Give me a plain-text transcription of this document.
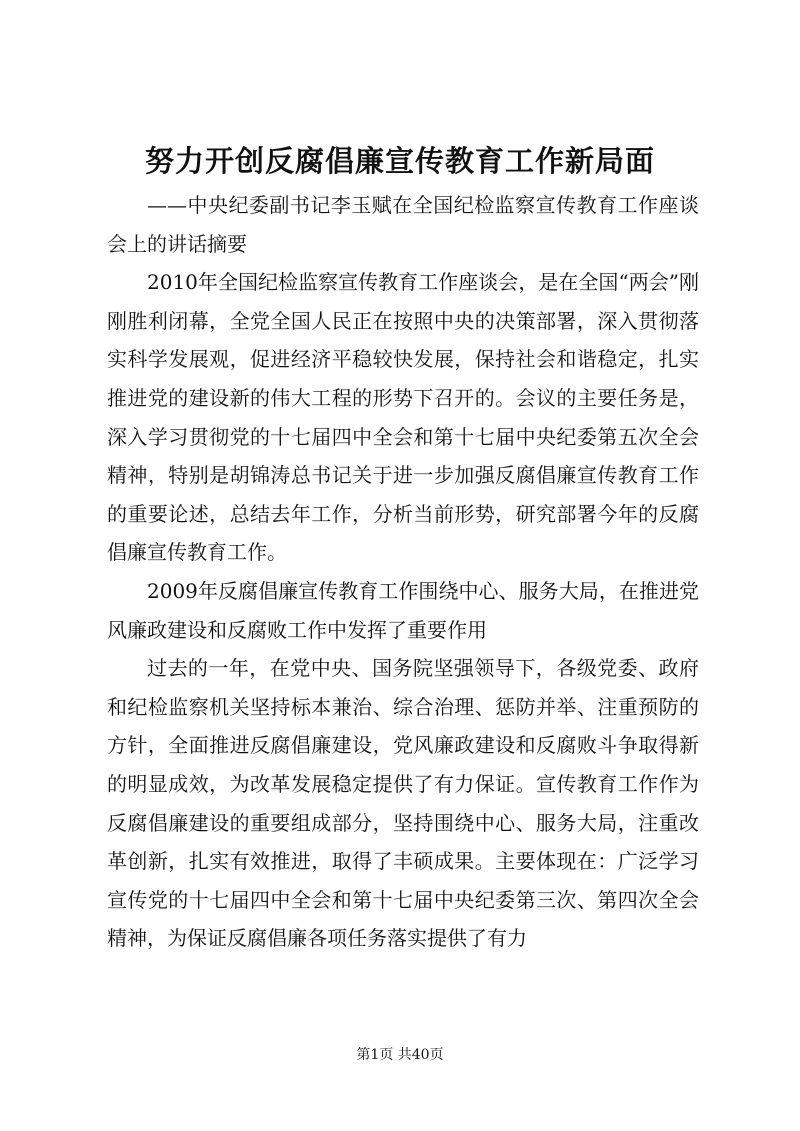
努力开创反腐倡廉宣传教育工作新局面

——中央纪委副书记李玉赋在全国纪检监察宣传教育工作座谈会上的讲话摘要

2010年全国纪检监察宣传教育工作座谈会，是在全国“两会”刚刚胜利闭幕，全党全国人民正在按照中央的决策部署，深入贯彻落实科学发展观，促进经济平稳较快发展，保持社会和谐稳定，扎实推进党的建设新的伟大工程的形势下召开的。会议的主要任务是，深入学习贯彻党的十七届四中全会和第十七届中央纪委第五次全会精神，特别是胡锦涛总书记关于进一步加强反腐倡廉宣传教育工作的重要论述，总结去年工作，分析当前形势，研究部署今年的反腐倡廉宣传教育工作。

2009年反腐倡廉宣传教育工作围绕中心、服务大局，在推进党风廉政建设和反腐败工作中发挥了重要作用

过去的一年，在党中央、国务院坚强领导下，各级党委、政府和纪检监察机关坚持标本兼治、综合治理、惩防并举、注重预防的方针，全面推进反腐倡廉建设，党风廉政建设和反腐败斗争取得新的明显成效，为改革发展稳定提供了有力保证。宣传教育工作作为反腐倡廉建设的重要组成部分，坚持围绕中心、服务大局，注重改革创新，扎实有效推进，取得了丰硕成果。主要体现在：广泛学习宣传党的十七届四中全会和第十七届中央纪委第三次、第四次全会精神，为保证反腐倡廉各项任务落实提供了有力

第1页 共40页
